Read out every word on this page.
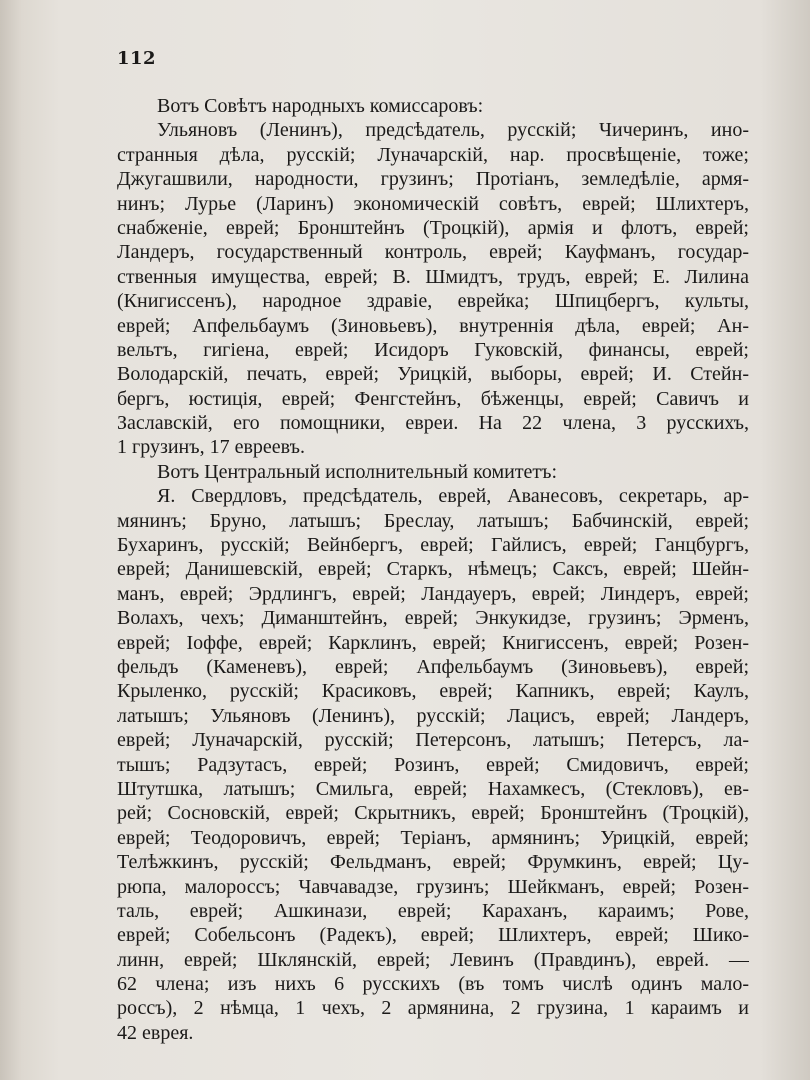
112
Вотъ Совѣтъ народныхъ комиссаровъ:
Ульяновъ (Ленинъ), предсѣдатель, русскій; Чичеринъ, ино-
странныя дѣла, русскій; Луначарскій, нар. просвѣщеніе, тоже;
Джугашвили, народности, грузинъ; Протіанъ, земледѣліе, армя-
нинъ; Лурье (Ларинъ) экономическій совѣтъ, еврей; Шлихтеръ,
снабженіе, еврей; Бронштейнъ (Троцкій), армія и флотъ, еврей;
Ландеръ, государственный контроль, еврей; Кауфманъ, государ-
ственныя имущества, еврей; В. Шмидтъ, трудъ, еврей; Е. Лилина
(Книгиссенъ), народное здравіе, еврейка; Шпицбергъ, культы,
еврей; Апфельбаумъ (Зиновьевъ), внутреннія дѣла, еврей; Ан-
вельтъ, гигіена, еврей; Исидоръ Гуковскій, финансы, еврей;
Володарскій, печать, еврей; Урицкій, выборы, еврей; И. Стейн-
бергъ, юстиція, еврей; Фенгстейнъ, бѣженцы, еврей; Савичъ и
Заславскій, его помощники, евреи. На 22 члена, 3 русскихъ,
1 грузинъ, 17 евреевъ.
Вотъ Центральный исполнительный комитетъ:
Я. Свердловъ, предсѣдатель, еврей, Аванесовъ, секретарь, ар-
мянинъ; Бруно, латышъ; Бреслау, латышъ; Бабчинскій, еврей;
Бухаринъ, русскій; Вейнбергъ, еврей; Гайлисъ, еврей; Ганцбургъ,
еврей; Данишевскій, еврей; Старкъ, нѣмецъ; Саксъ, еврей; Шейн-
манъ, еврей; Эрдлингъ, еврей; Ландауеръ, еврей; Линдеръ, еврей;
Волахъ, чехъ; Диманштейнъ, еврей; Энкукидзе, грузинъ; Эрменъ,
еврей; Іоффе, еврей; Карклинъ, еврей; Книгиссенъ, еврей; Розен-
фельдъ (Каменевъ), еврей; Апфельбаумъ (Зиновьевъ), еврей;
Крыленко, русскій; Красиковъ, еврей; Капникъ, еврей; Каулъ,
латышъ; Ульяновъ (Ленинъ), русскій; Лацисъ, еврей; Ландеръ,
еврей; Луначарскій, русскій; Петерсонъ, латышъ; Петерсъ, ла-
тышъ; Радзутасъ, еврей; Розинъ, еврей; Смидовичъ, еврей;
Штутшка, латышъ; Смильга, еврей; Нахамкесъ, (Стекловъ), ев-
рей; Сосновскій, еврей; Скрытникъ, еврей; Бронштейнъ (Троцкій),
еврей; Теодоровичъ, еврей; Теріанъ, армянинъ; Урицкій, еврей;
Телѣжкинъ, русскій; Фельдманъ, еврей; Фрумкинъ, еврей; Цу-
рюпа, малороссъ; Чавчавадзе, грузинъ; Шейкманъ, еврей; Розен-
таль, еврей; Ашкинази, еврей; Караханъ, караимъ; Рове,
еврей; Собельсонъ (Радекъ), еврей; Шлихтеръ, еврей; Шико-
линн, еврей; Шклянскій, еврей; Левинъ (Правдинъ), еврей. —
62 члена; изъ нихъ 6 русскихъ (въ томъ числѣ одинъ мало-
россъ), 2 нѣмца, 1 чехъ, 2 армянина, 2 грузина, 1 караимъ и
42 еврея.
